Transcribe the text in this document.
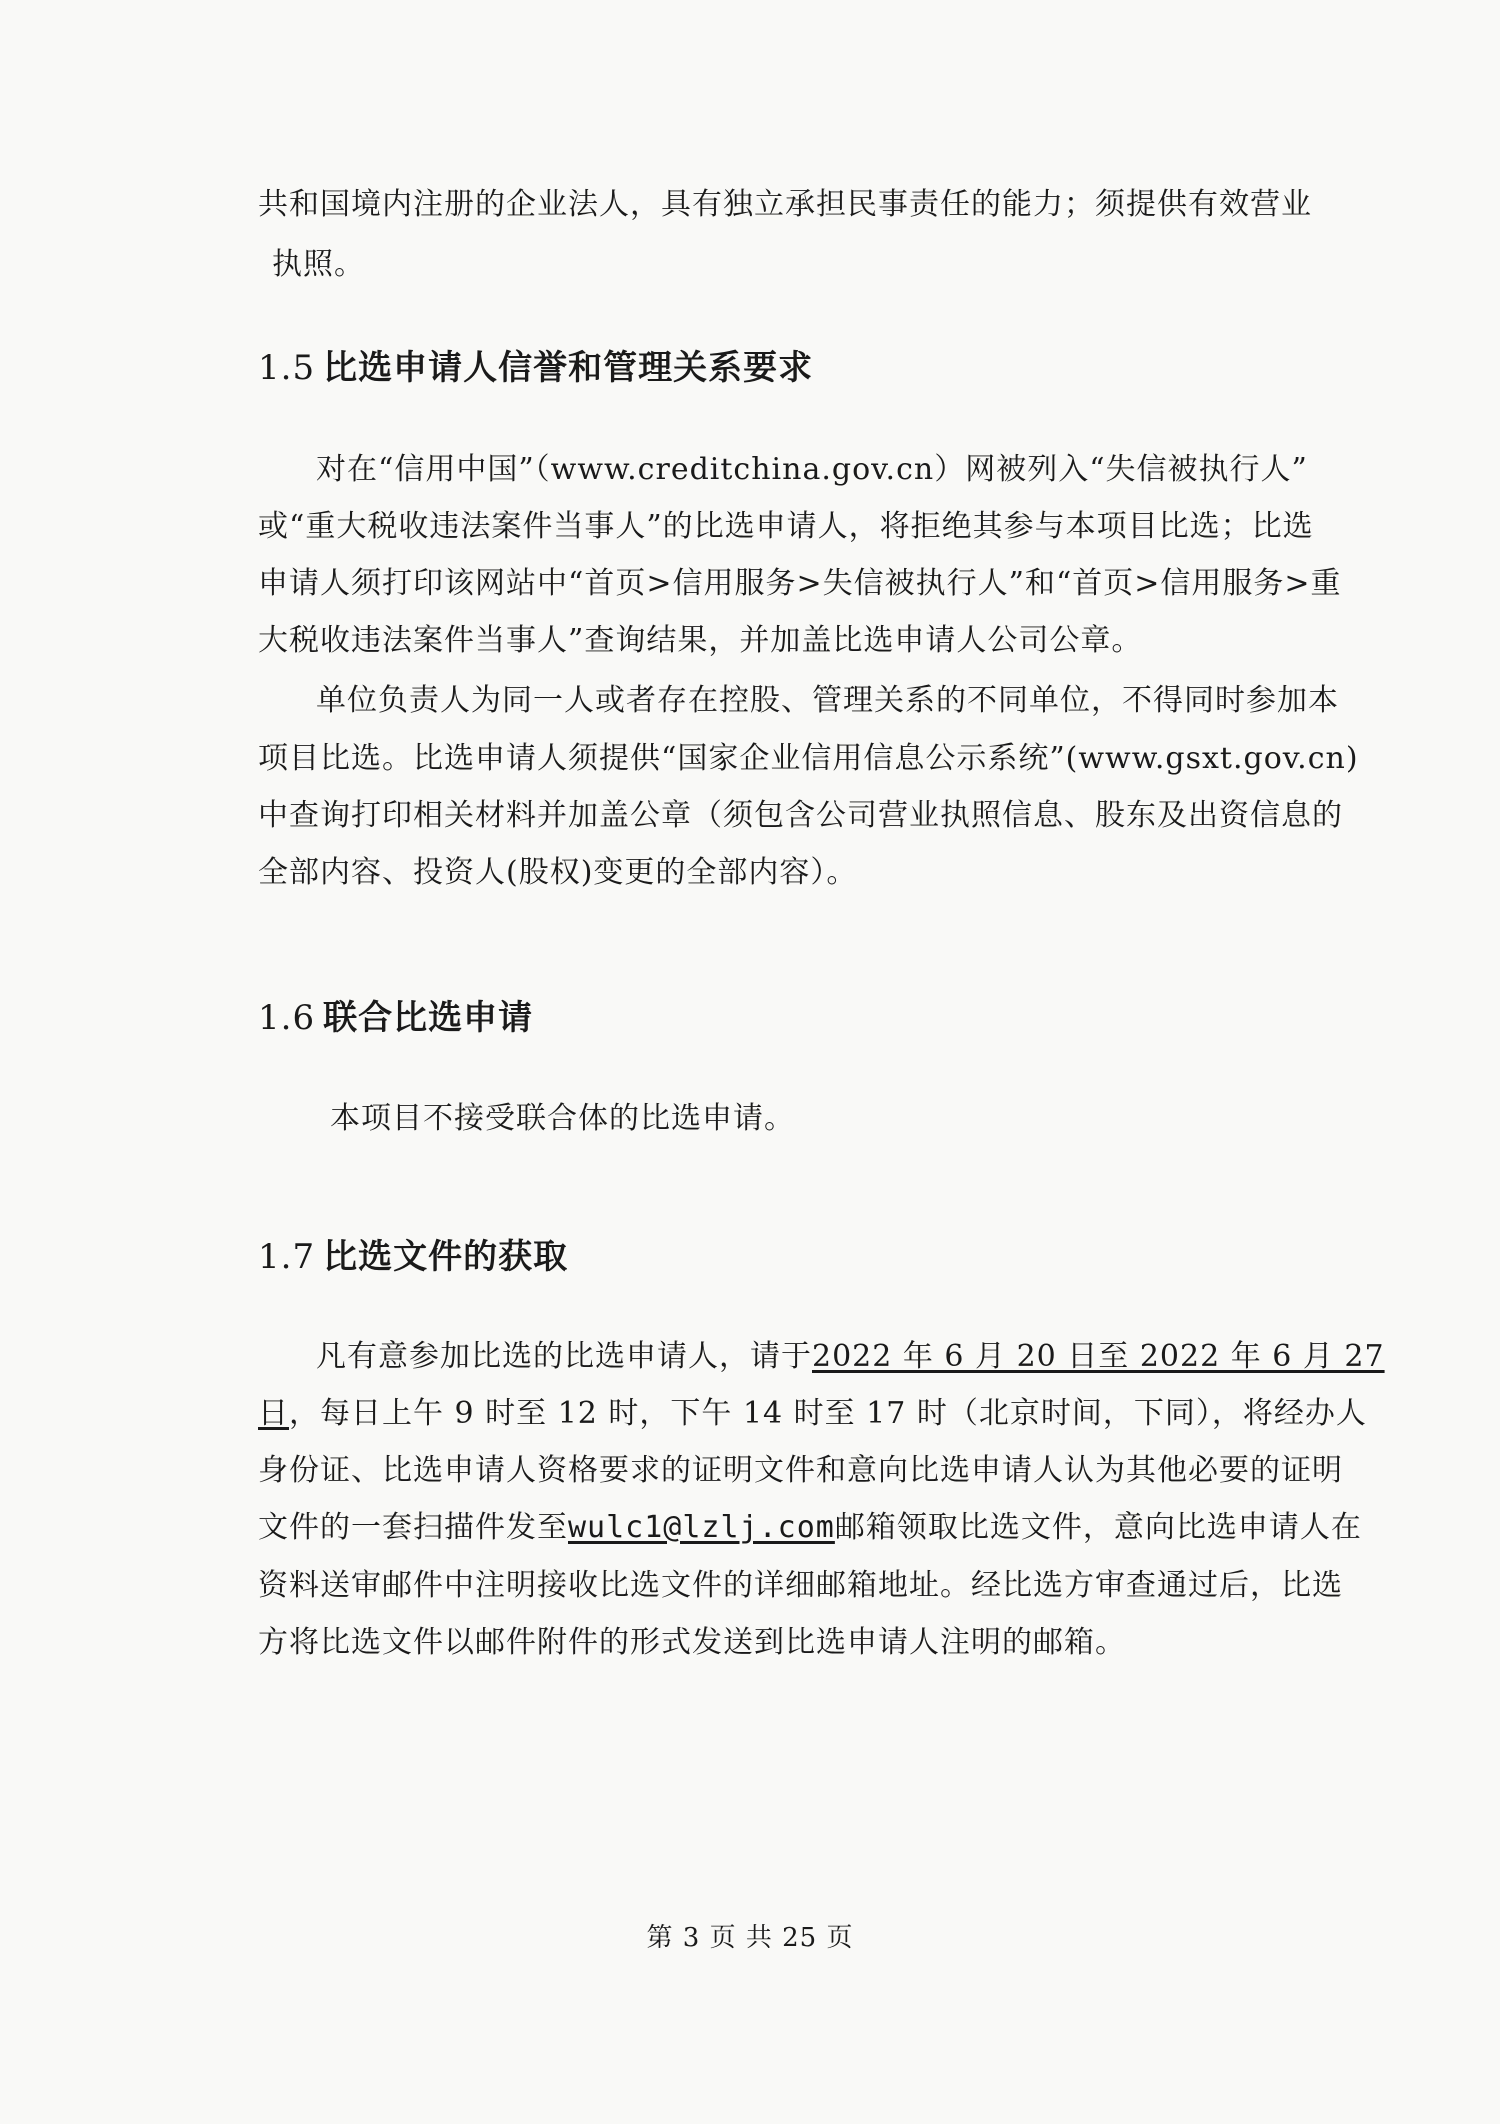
共和国境内注册的企业法人，具有独立承担民事责任的能力；须提供有效营业
执照。
1.5 比选申请人信誉和管理关系要求
对在“信用中国”（www.creditchina.gov.cn）网被列入“失信被执行人”
或“重大税收违法案件当事人”的比选申请人，将拒绝其参与本项目比选；比选
申请人须打印该网站中“首页>信用服务>失信被执行人”和“首页>信用服务>重
大税收违法案件当事人”查询结果，并加盖比选申请人公司公章。
单位负责人为同一人或者存在控股、管理关系的不同单位，不得同时参加本
项目比选。比选申请人须提供“国家企业信用信息公示系统”(www.gsxt.gov.cn)
中查询打印相关材料并加盖公章（须包含公司营业执照信息、股东及出资信息的
全部内容、投资人(股权)变更的全部内容）。
1.6 联合比选申请
本项目不接受联合体的比选申请。
1.7 比选文件的获取
凡有意参加比选的比选申请人，请于2022 年 6 月 20 日至 2022 年 6 月 27
日，每日上午 9 时至 12 时，下午 14 时至 17 时（北京时间，下同），将经办人
身份证、比选申请人资格要求的证明文件和意向比选申请人认为其他必要的证明
文件的一套扫描件发至wulc1@lzlj.com邮箱领取比选文件，意向比选申请人在
资料送审邮件中注明接收比选文件的详细邮箱地址。经比选方审查通过后，比选
方将比选文件以邮件附件的形式发送到比选申请人注明的邮箱。
第 3 页 共 25 页
